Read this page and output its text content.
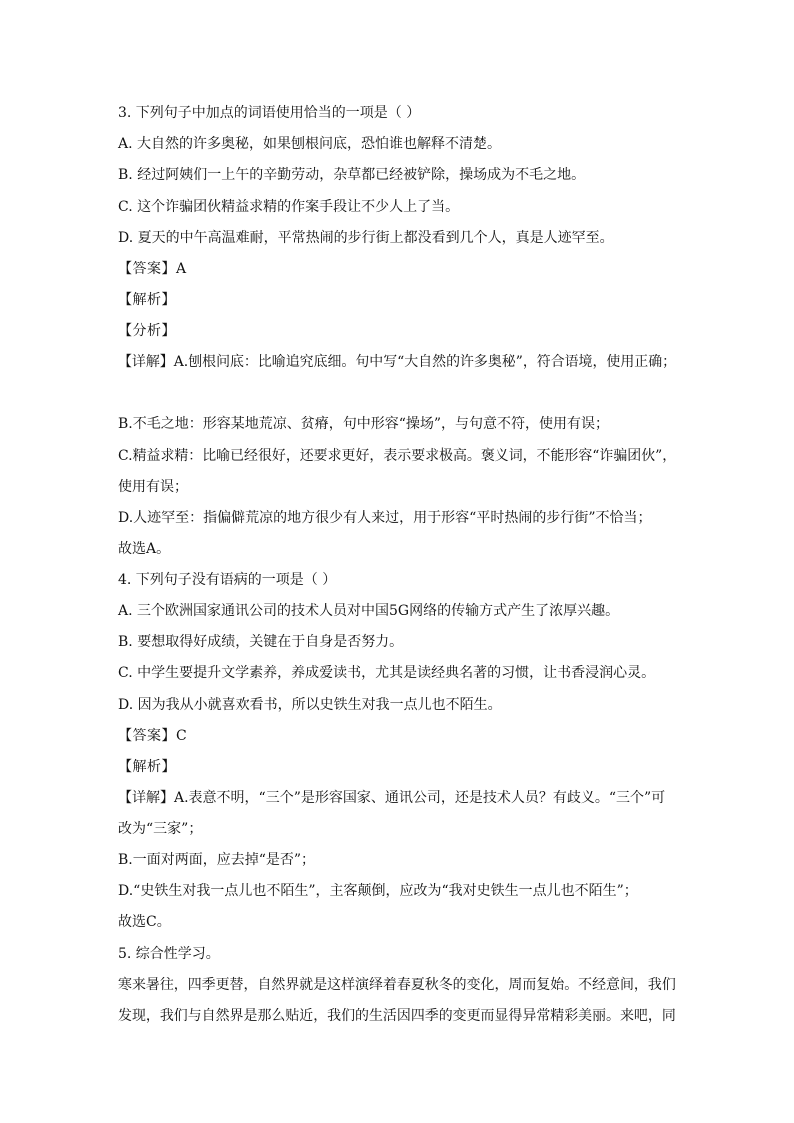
3. 下列句子中加点的词语使用恰当的一项是（ ）
A. 大自然的许多奥秘，如果刨根问底，恐怕谁也解释不清楚。
B. 经过阿姨们一上午的辛勤劳动，杂草都已经被铲除，操场成为不毛之地。
C. 这个诈骗团伙精益求精的作案手段让不少人上了当。
D. 夏天的中午高温难耐，平常热闹的步行街上都没看到几个人，真是人迹罕至。
【答案】A
【解析】
【分析】
【详解】A.刨根问底：比喻追究底细。句中写“大自然的许多奥秘”，符合语境，使用正确；
B.不毛之地：形容某地荒凉、贫瘠，句中形容“操场”，与句意不符，使用有误；
C.精益求精：比喻已经很好，还要求更好，表示要求极高。褒义词，不能形容“诈骗团伙”，
使用有误；
D.人迹罕至：指偏僻荒凉的地方很少有人来过，用于形容“平时热闹的步行街”不恰当；
故选A。
4. 下列句子没有语病的一项是（ ）
A. 三个欧洲国家通讯公司的技术人员对中国5G网络的传输方式产生了浓厚兴趣。
B. 要想取得好成绩，关键在于自身是否努力。
C. 中学生要提升文学素养，养成爱读书，尤其是读经典名著的习惯，让书香浸润心灵。
D. 因为我从小就喜欢看书，所以史铁生对我一点儿也不陌生。
【答案】C
【解析】
【详解】A.表意不明，“三个”是形容国家、通讯公司，还是技术人员？有歧义。“三个”可
改为“三家”；
B.一面对两面，应去掉“是否”；
D.“史铁生对我一点儿也不陌生”，主客颠倒，应改为“我对史铁生一点儿也不陌生”；
故选C。
5. 综合性学习。
寒来暑往，四季更替，自然界就是这样演绎着春夏秋冬的变化，周而复始。不经意间，我们
发现，我们与自然界是那么贴近，我们的生活因四季的变更而显得异常精彩美丽。来吧，同
